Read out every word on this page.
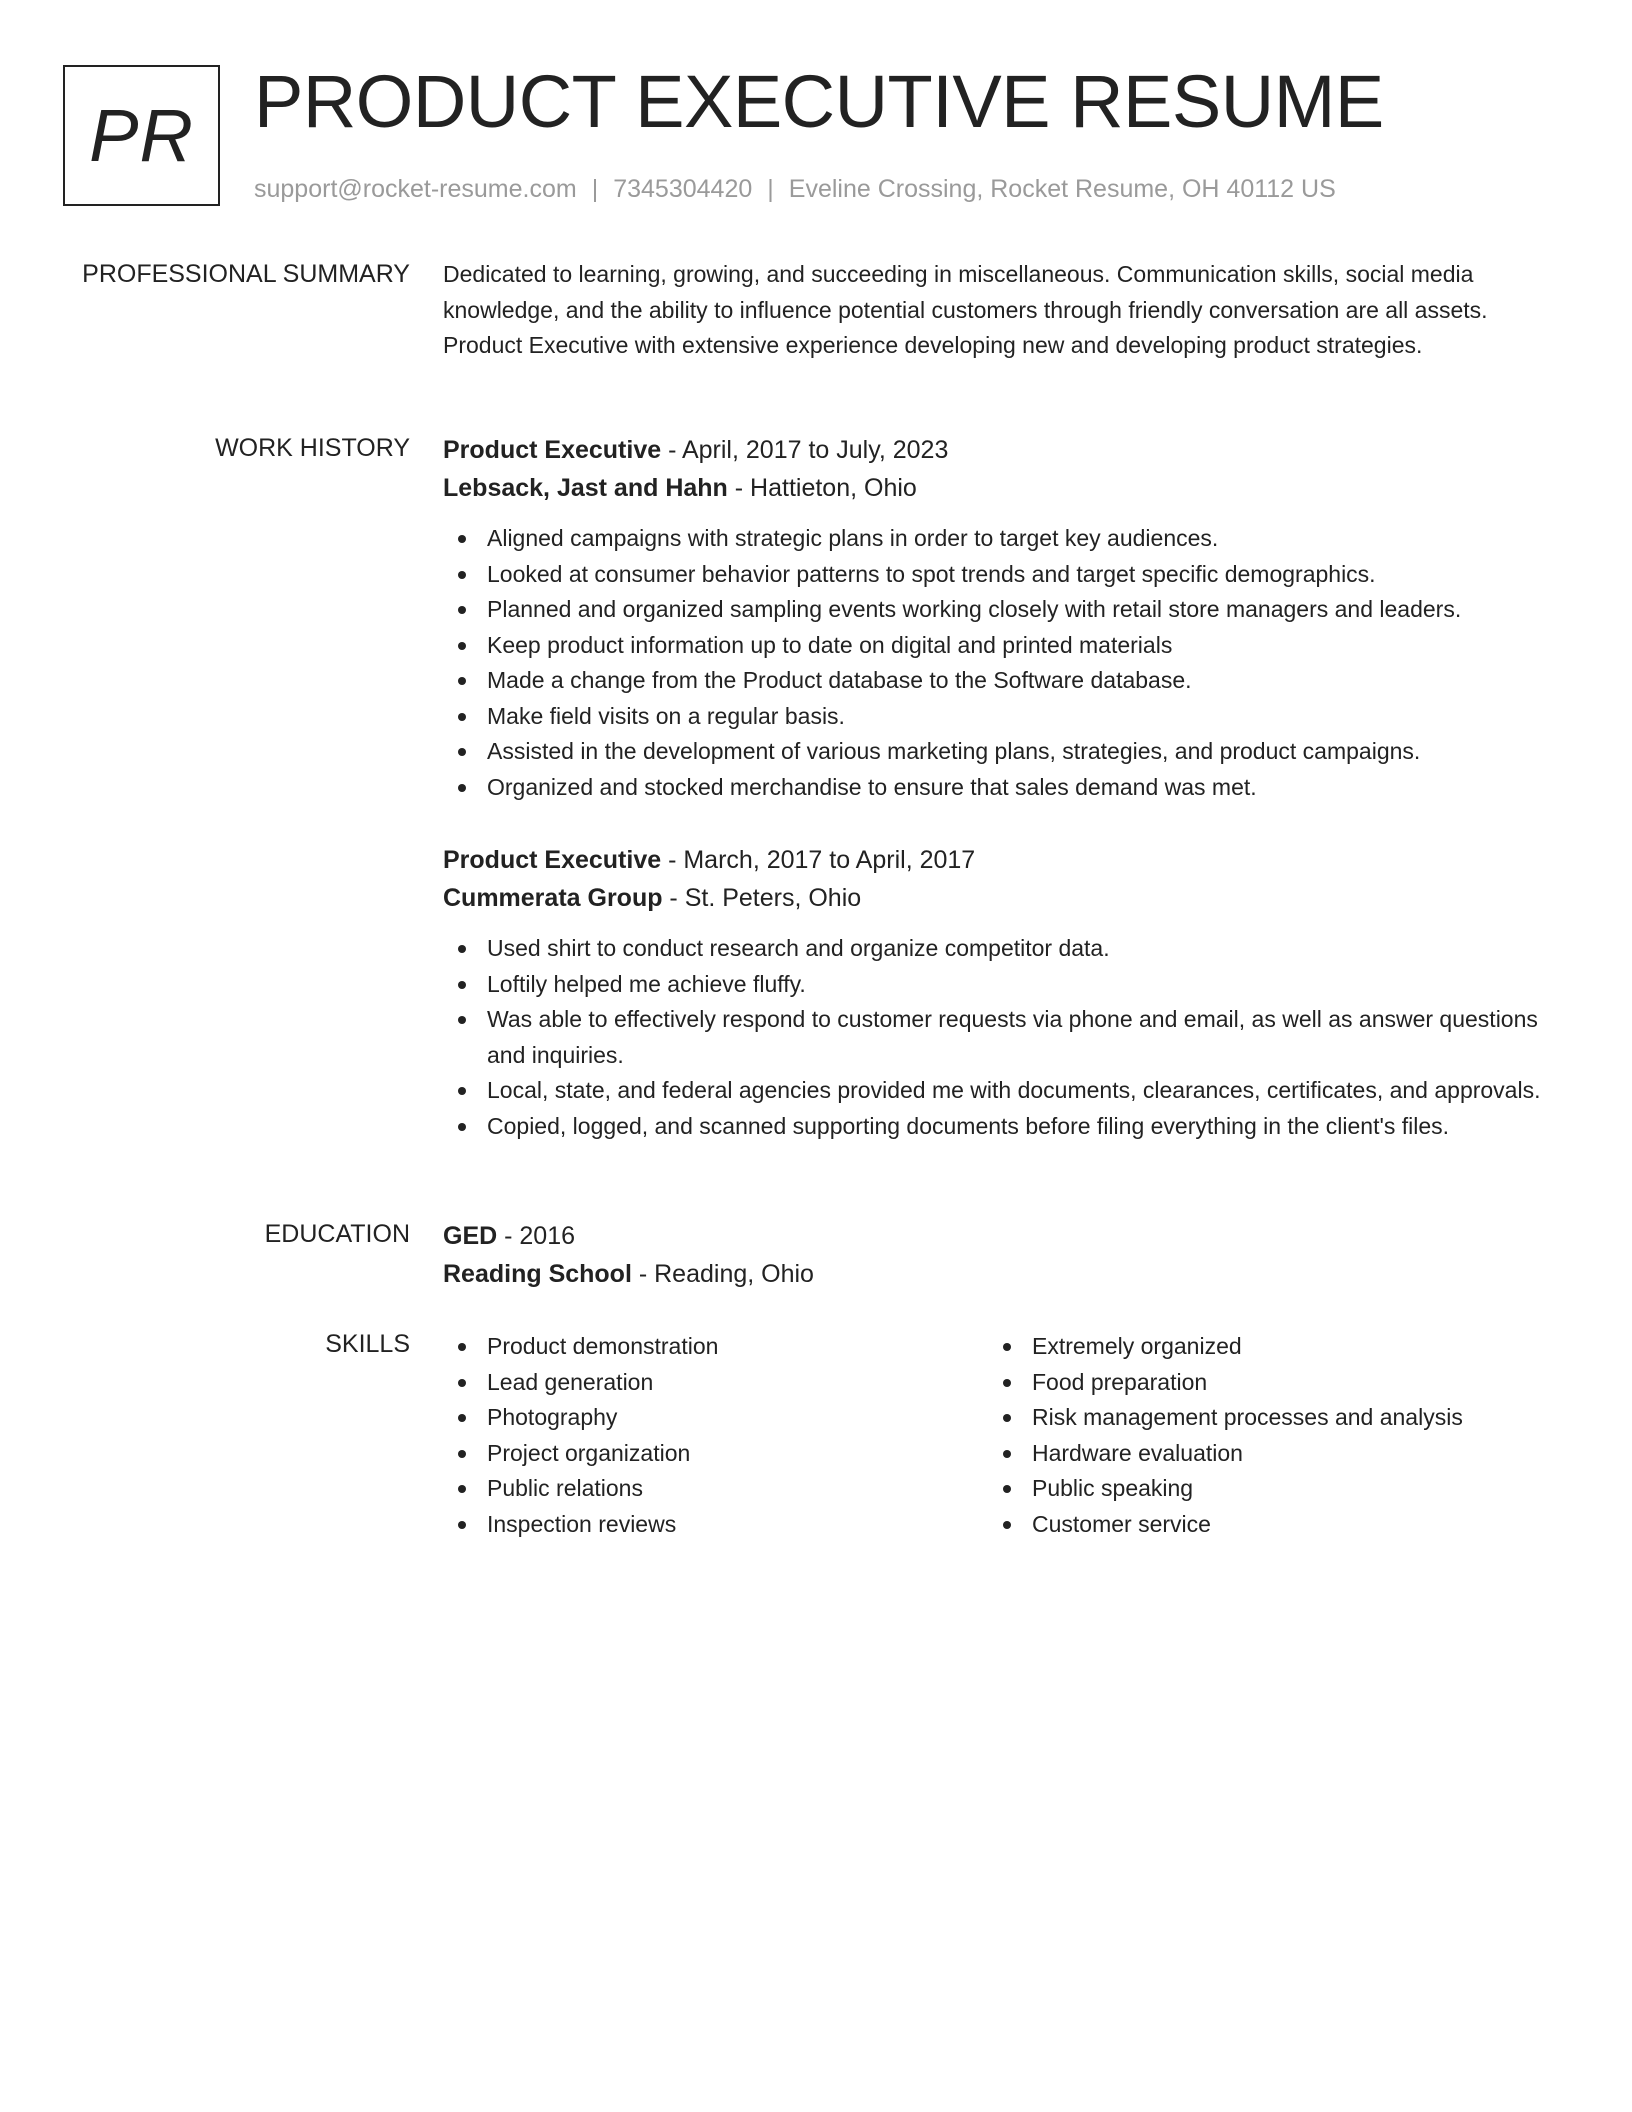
PR PRODUCT EXECUTIVE RESUME
support@rocket-resume.com | 7345304420 | Eveline Crossing, Rocket Resume, OH 40112 US
PROFESSIONAL SUMMARY Dedicated to learning, growing, and succeeding in miscellaneous. Communication skills, social media knowledge, and the ability to influence potential customers through friendly conversation are all assets. Product Executive with extensive experience developing new and developing product strategies.

WORK HISTORY Product Executive - April, 2017 to July, 2023
Lebsack, Jast and Hahn - Hattieton, Ohio
Aligned campaigns with strategic plans in order to target key audiences.
Looked at consumer behavior patterns to spot trends and target specific demographics.
Planned and organized sampling events working closely with retail store managers and leaders.
Keep product information up to date on digital and printed materials
Made a change from the Product database to the Software database.
Make field visits on a regular basis.
Assisted in the development of various marketing plans, strategies, and product campaigns.
Organized and stocked merchandise to ensure that sales demand was met.
Product Executive - March, 2017 to April, 2017
Cummerata Group - St. Peters, Ohio
Used shirt to conduct research and organize competitor data.
Loftily helped me achieve fluffy.
Was able to effectively respond to customer requests via phone and email, as well as answer questions and inquiries.
Local, state, and federal agencies provided me with documents, clearances, certificates, and approvals.
Copied, logged, and scanned supporting documents before filing everything in the client's files.
EDUCATION GED - 2016
Reading School - Reading, Ohio
SKILLS	Product demonstration
Lead generation
Photography
Project organization
Public relations
Inspection reviews
Extremely organized
Food preparation
Risk management processes and analysis
Hardware evaluation
Public speaking
Customer service
